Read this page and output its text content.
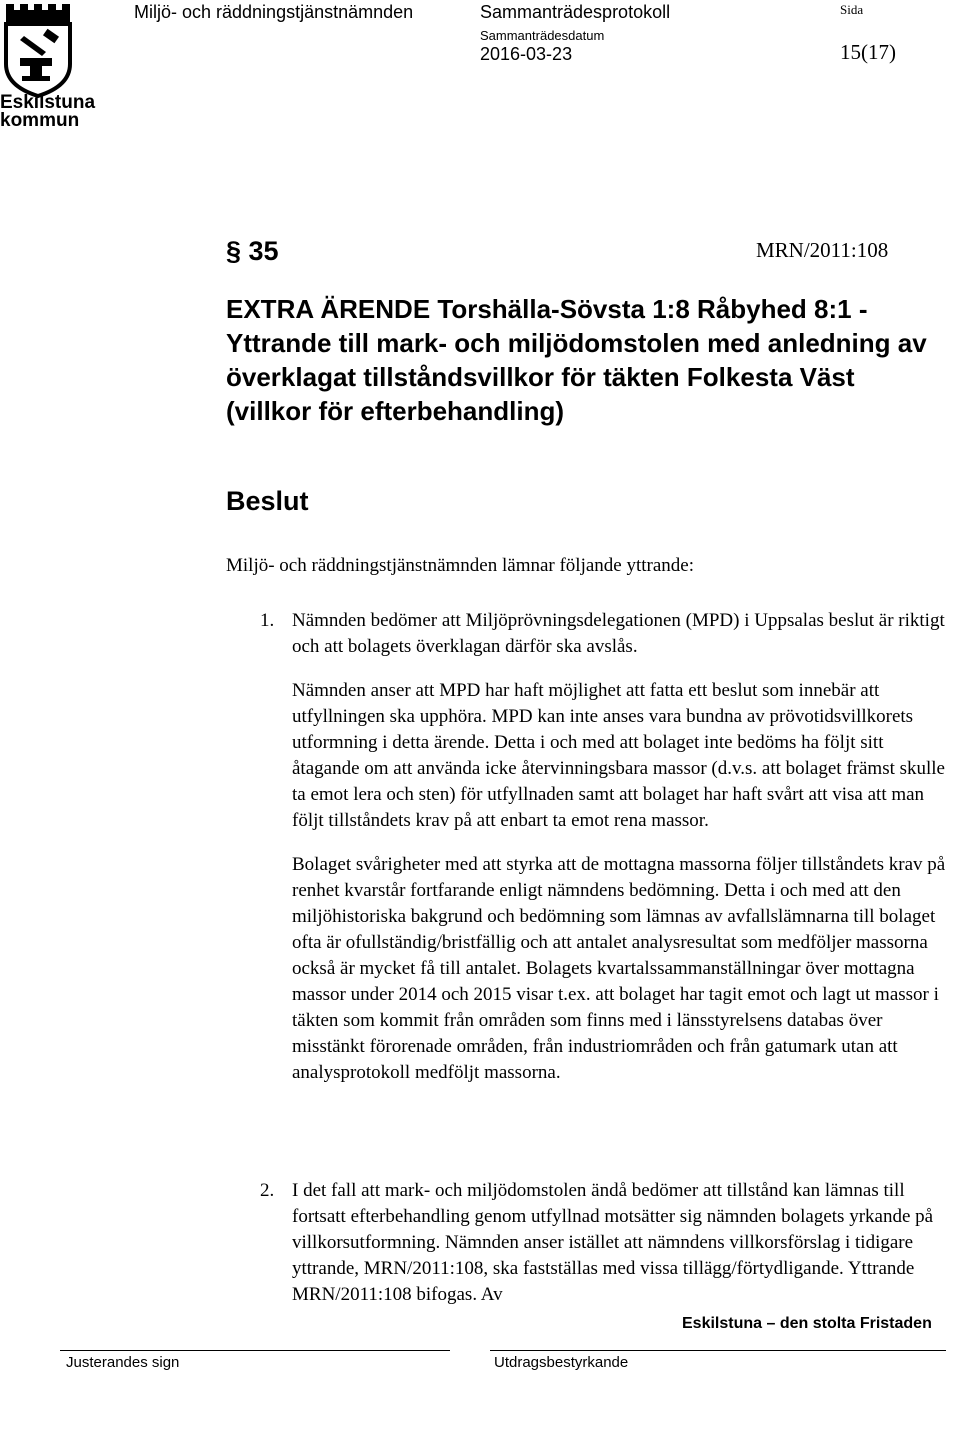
Eskilstuna kommun
Miljö- och räddningstjänstnämnden	Sammanträdesprotokoll	Sida
Sammanträdesdatum
2016-03-23	15(17)
§ 35	MRN/2011:108
EXTRA ÄRENDE Torshälla-Sövsta 1:8 Råbyhed 8:1 - Yttrande till mark- och miljödomstolen med anledning av överklagat tillståndsvillkor för täkten Folkesta Väst (villkor för efterbehandling)
Beslut
Miljö- och räddningstjänstnämnden lämnar följande yttrande:
1. Nämnden bedömer att Miljöprövningsdelegationen (MPD) i Uppsalas beslut är riktigt och att bolagets överklagan därför ska avslås.

Nämnden anser att MPD har haft möjlighet att fatta ett beslut som innebär att utfyllningen ska upphöra. MPD kan inte anses vara bundna av prövotidsvillkorets utformning i detta ärende. Detta i och med att bolaget inte bedöms ha följt sitt åtagande om att använda icke återvinningsbara massor (d.v.s. att bolaget främst skulle ta emot lera och sten) för utfyllnaden samt att bolaget har haft svårt att visa att man följt tillståndets krav på att enbart ta emot rena massor.

Bolaget svårigheter med att styrka att de mottagna massorna följer tillståndets krav på renhet kvarstår fortfarande enligt nämndens bedömning. Detta i och med att den miljöhistoriska bakgrund och bedömning som lämnas av avfallslämnarna till bolaget ofta är ofullständig/bristfällig och att antalet analysresultat som medföljer massorna också är mycket få till antalet. Bolagets kvartalssammanställningar över mottagna massor under 2014 och 2015 visar t.ex. att bolaget har tagit emot och lagt ut massor i täkten som kommit från områden som finns med i länsstyrelsens databas över misstänkt förorenade områden, från industriområden och från gatumark utan att analysprotokoll medföljt massorna.

2. I det fall att mark- och miljödomstolen ändå bedömer att tillstånd kan lämnas till fortsatt efterbehandling genom utfyllnad motsätter sig nämnden bolagets yrkande på villkorsutformning. Nämnden anser istället att nämndens villkorsförslag i tidigare yttrande, MRN/2011:108, ska fastställas med vissa tillägg/förtydligande. Yttrande MRN/2011:108 bifogas. Av

Eskilstuna – den stolta Fristaden
Justerandes sign	Utdragsbestyrkande
